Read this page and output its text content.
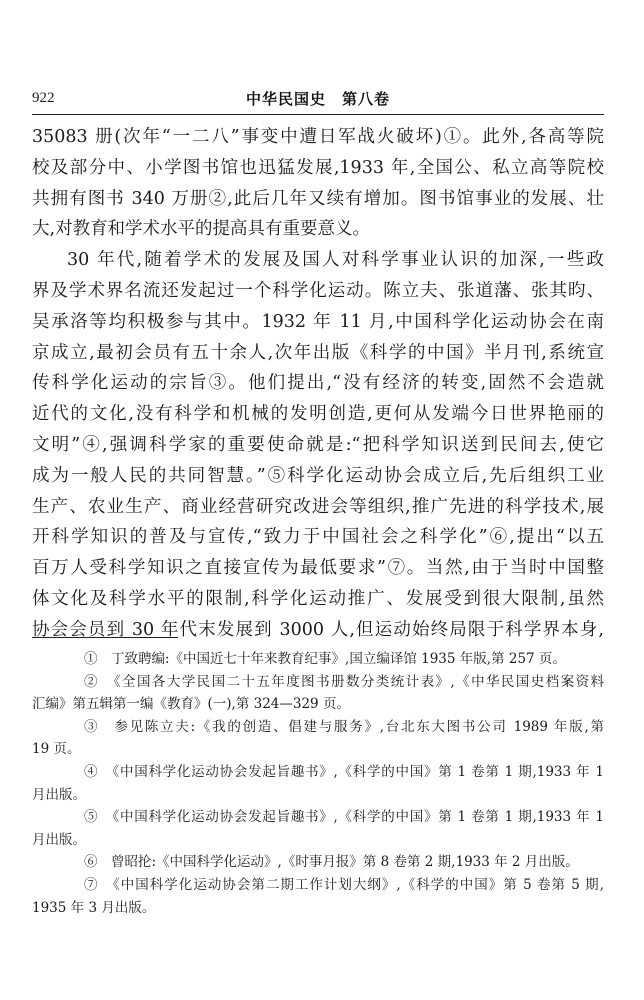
922	中华民国史　第八卷
35083 册(次年“一二八”事变中遭日军战火破坏)①。此外,各高等院
校及部分中、小学图书馆也迅猛发展,1933 年,全国公、私立高等院校
共拥有图书 340 万册②,此后几年又续有增加。图书馆事业的发展、壮
大,对教育和学术水平的提高具有重要意义。
30 年代,随着学术的发展及国人对科学事业认识的加深,一些政
界及学术界名流还发起过一个科学化运动。陈立夫、张道藩、张其昀、
吴承洛等均积极参与其中。1932 年 11 月,中国科学化运动协会在南
京成立,最初会员有五十余人,次年出版《科学的中国》半月刊,系统宣
传科学化运动的宗旨③。他们提出,“没有经济的转变,固然不会造就
近代的文化,没有科学和机械的发明创造,更何从发端今日世界艳丽的
文明”④,强调科学家的重要使命就是:“把科学知识送到民间去,使它
成为一般人民的共同智慧。”⑤科学化运动协会成立后,先后组织工业
生产、农业生产、商业经营研究改进会等组织,推广先进的科学技术,展
开科学知识的普及与宣传,“致力于中国社会之科学化”⑥,提出“以五
百万人受科学知识之直接宣传为最低要求”⑦。当然,由于当时中国整
体文化及科学水平的限制,科学化运动推广、发展受到很大限制,虽然
协会会员到 30 年代末发展到 3000 人,但运动始终局限于科学界本身,
①　丁致聘编:《中国近七十年来教育纪事》,国立编译馆 1935 年版,第 257 页。
②　《全国各大学民国二十五年度图书册数分类统计表》,《中华民国史档案资料
汇编》第五辑第一编《教育》(一),第 324—329 页。
③　参见陈立夫:《我的创造、倡建与服务》,台北东大图书公司 1989 年版,第
19 页。
④　《中国科学化运动协会发起旨趣书》,《科学的中国》第 1 卷第 1 期,1933 年 1
月出版。
⑤　《中国科学化运动协会发起旨趣书》,《科学的中国》第 1 卷第 1 期,1933 年 1
月出版。
⑥　曾昭抡:《中国科学化运动》,《时事月报》第 8 卷第 2 期,1933 年 2 月出版。
⑦　《中国科学化运动协会第二期工作计划大纲》,《科学的中国》第 5 卷第 5 期,
1935 年 3 月出版。
